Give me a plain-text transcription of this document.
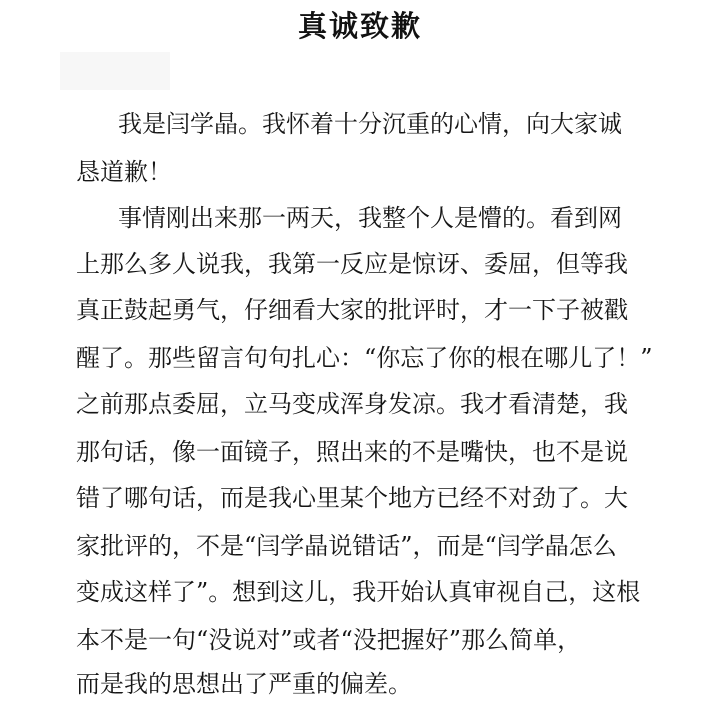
真诚致歉
我是闫学晶。我怀着十分沉重的心情，向大家诚
恳道歉！
事情刚出来那一两天，我整个人是懵的。看到网
上那么多人说我，我第一反应是惊讶、委屈，但等我
真正鼓起勇气，仔细看大家的批评时，才一下子被戳
醒了。那些留言句句扎心：“你忘了你的根在哪儿了！”
之前那点委屈，立马变成浑身发凉。我才看清楚，我
那句话，像一面镜子，照出来的不是嘴快，也不是说
错了哪句话，而是我心里某个地方已经不对劲了。大
家批评的，不是“闫学晶说错话”，而是“闫学晶怎么
变成这样了”。想到这儿，我开始认真审视自己，这根
本不是一句“没说对”或者“没把握好”那么简单，
而是我的思想出了严重的偏差。
